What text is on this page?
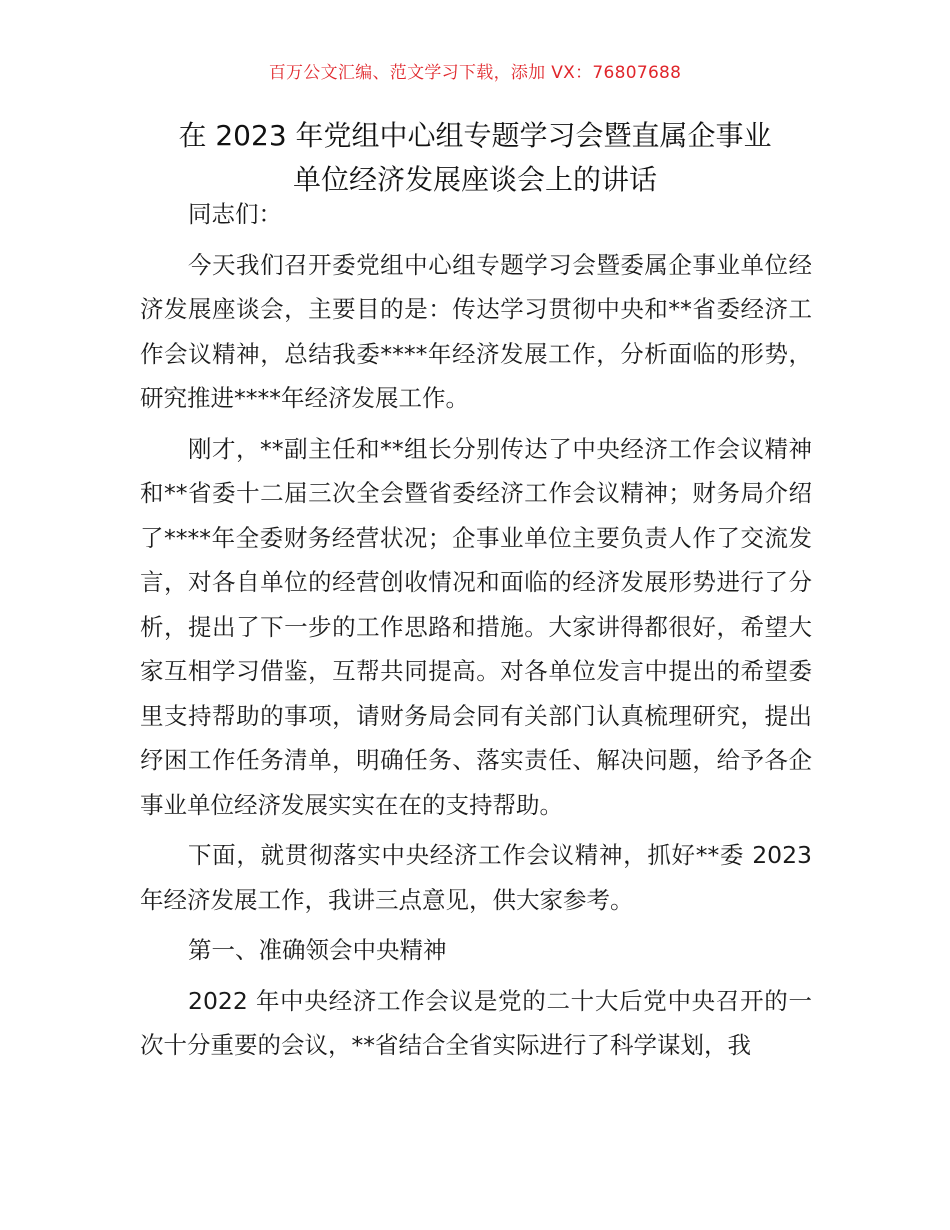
百万公文汇编、范文学习下载，添加 VX：76807688
在 2023 年党组中心组专题学习会暨直属企事业
单位经济发展座谈会上的讲话

同志们：

今天我们召开委党组中心组专题学习会暨委属企事业单位经济发展座谈会，主要目的是：传达学习贯彻中央和**省委经济工作会议精神，总结我委****年经济发展工作，分析面临的形势，研究推进****年经济发展工作。

刚才，**副主任和**组长分别传达了中央经济工作会议精神和**省委十二届三次全会暨省委经济工作会议精神；财务局介绍了****年全委财务经营状况；企事业单位主要负责人作了交流发言，对各自单位的经营创收情况和面临的经济发展形势进行了分析，提出了下一步的工作思路和措施。大家讲得都很好，希望大家互相学习借鉴，互帮共同提高。对各单位发言中提出的希望委里支持帮助的事项，请财务局会同有关部门认真梳理研究，提出纾困工作任务清单，明确任务、落实责任、解决问题，给予各企事业单位经济发展实实在在的支持帮助。

下面，就贯彻落实中央经济工作会议精神，抓好**委 2023 年经济发展工作，我讲三点意见，供大家参考。

第一、准确领会中央精神

2022 年中央经济工作会议是党的二十大后党中央召开的一次十分重要的会议，**省结合全省实际进行了科学谋划，我
